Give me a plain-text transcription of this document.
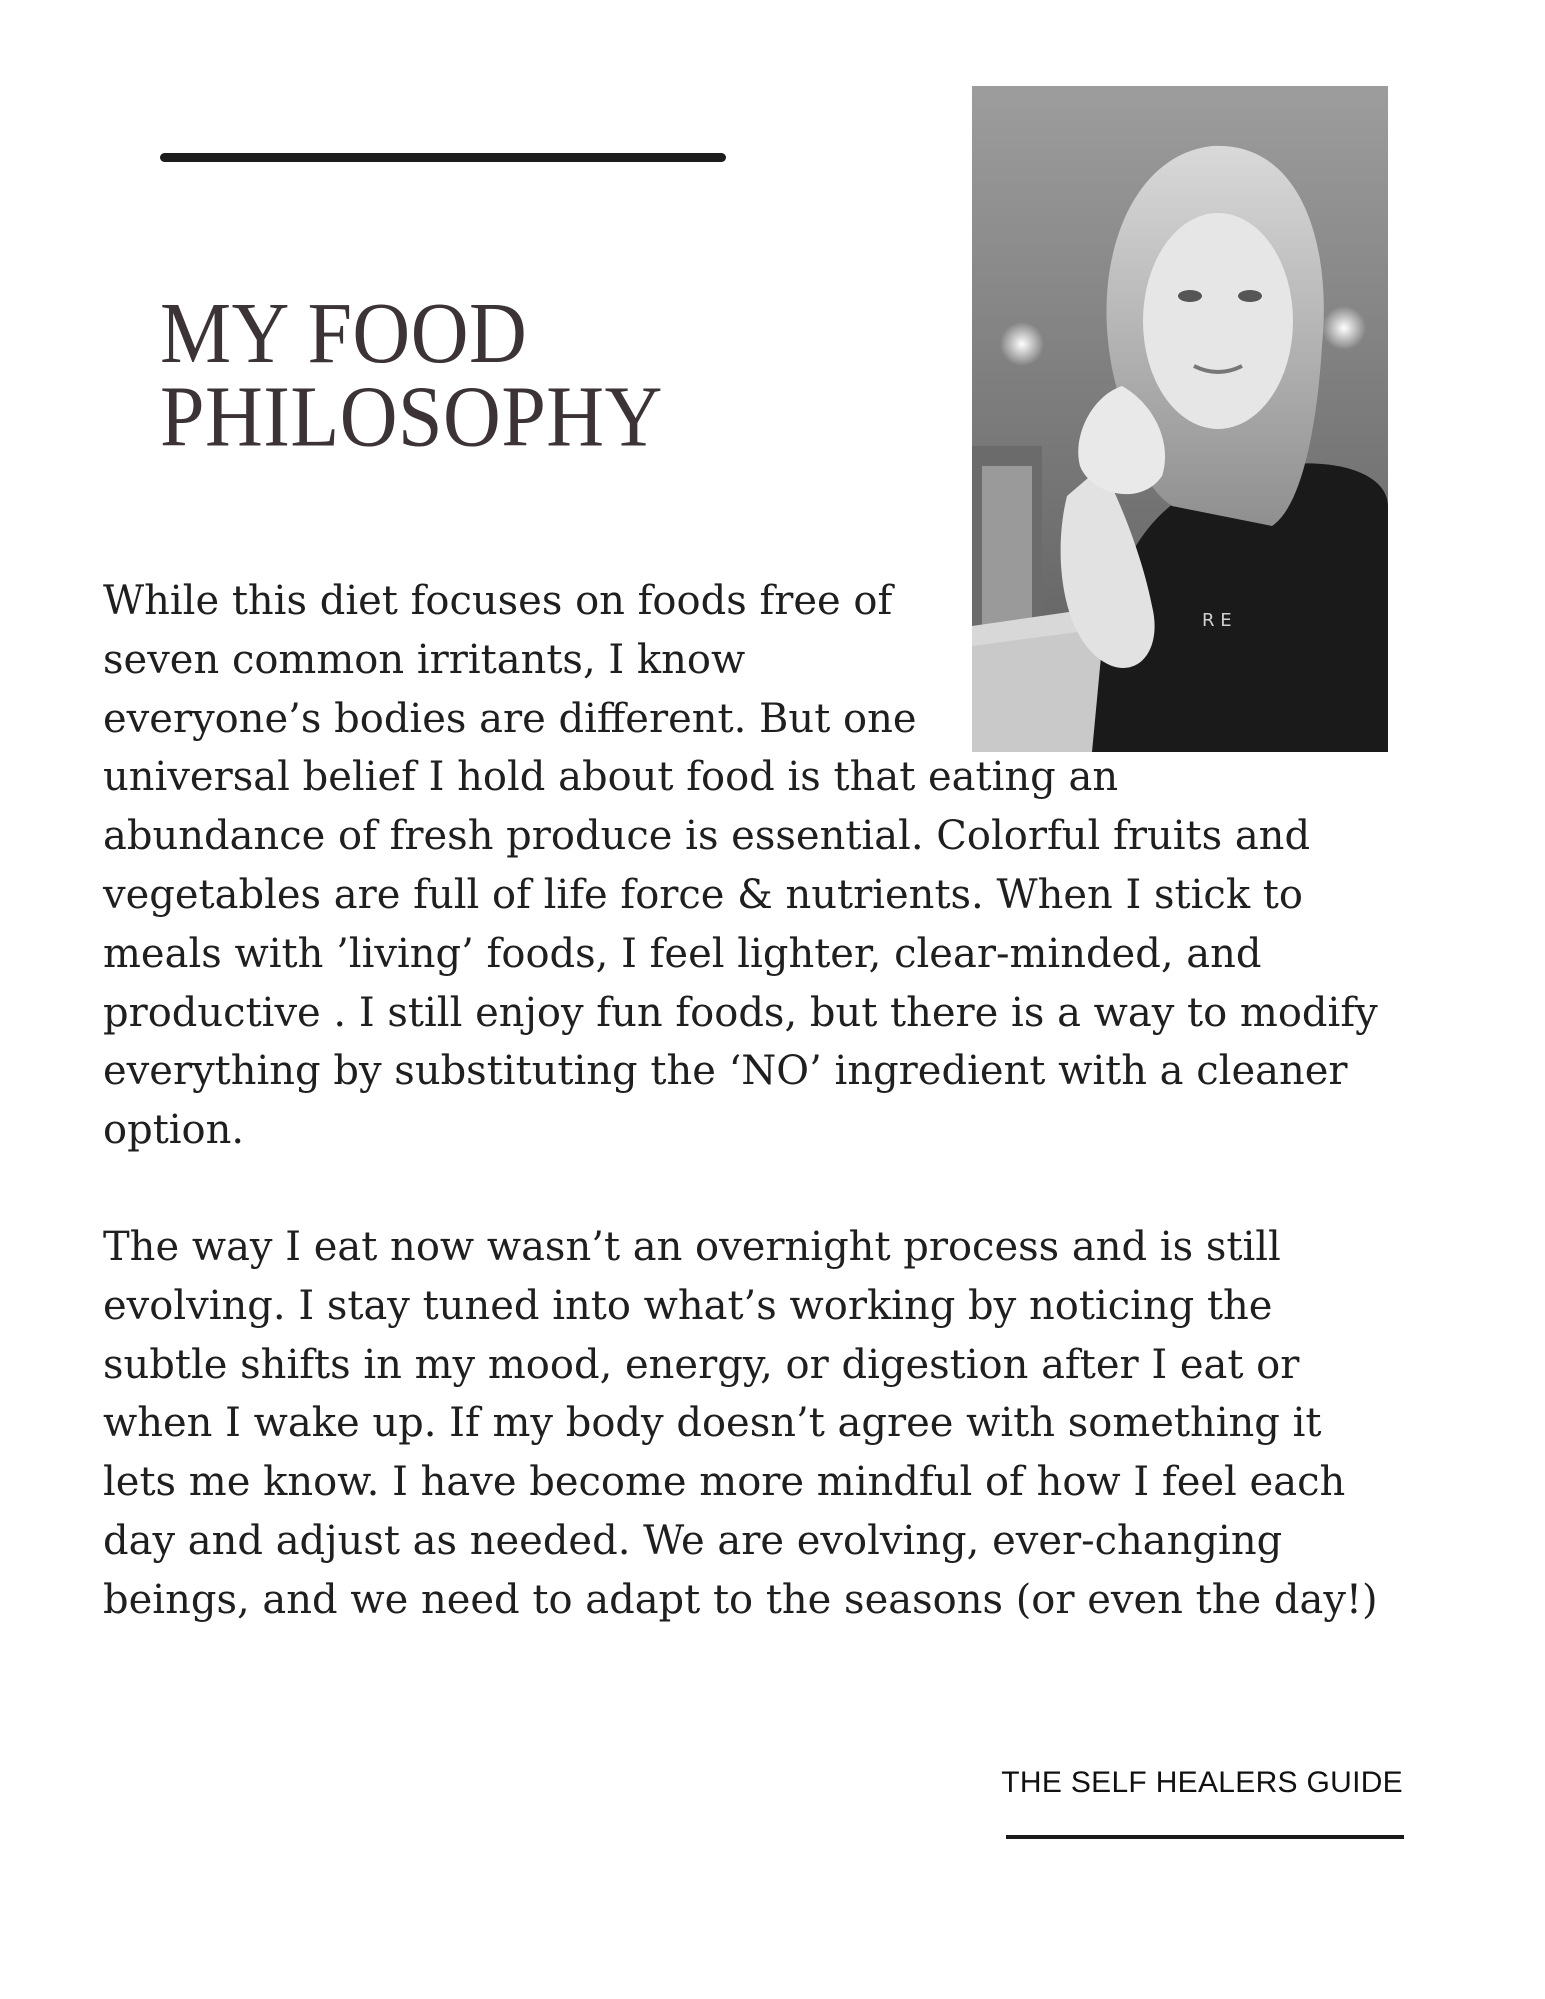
MY FOOD
PHILOSOPHY
R E

While this diet focuses on foods free of
seven common irritants, I know
everyone’s bodies are different. But one
universal belief I hold about food is that eating an
abundance of fresh produce is essential. Colorful fruits and
vegetables are full of life force & nutrients. When I stick to
meals with ’living’ foods, I feel lighter, clear-minded, and
productive . I still enjoy fun foods, but there is a way to modify
everything by substituting the ‘NO’ ingredient with a cleaner
option.

The way I eat now wasn’t an overnight process and is still
evolving. I stay tuned into what’s working by noticing the
subtle shifts in my mood, energy, or digestion after I eat or
when I wake up. If my body doesn’t agree with something it
lets me know. I have become more mindful of how I feel each
day and adjust as needed. We are evolving, ever-changing
beings, and we need to adapt to the seasons (or even the day!)

THE SELF HEALERS GUIDE
